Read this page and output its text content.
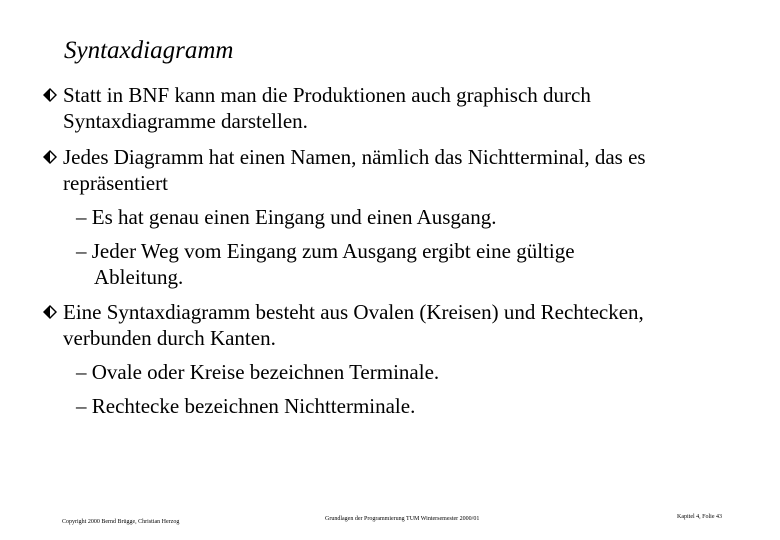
Syntaxdiagramm
Statt in BNF kann man die Produktionen auch graphisch durch
Syntaxdiagramme darstellen.
Jedes Diagramm hat einen Namen, nämlich das Nichtterminal, das es
repräsentiert
– Es hat genau einen Eingang und einen Ausgang.
– Jeder Weg vom Eingang zum Ausgang ergibt eine gültige
Ableitung.
Eine Syntaxdiagramm besteht aus Ovalen (Kreisen) und Rechtecken,
verbunden durch Kanten.
– Ovale oder Kreise bezeichnen Terminale.
– Rechtecke bezeichnen Nichtterminale.
Copyright 2000 Bernd Brügge, Christian Herzog	Grundlagen der Programmierung TUM Wintersemester 2000/01	Kapitel 4, Folie 43
